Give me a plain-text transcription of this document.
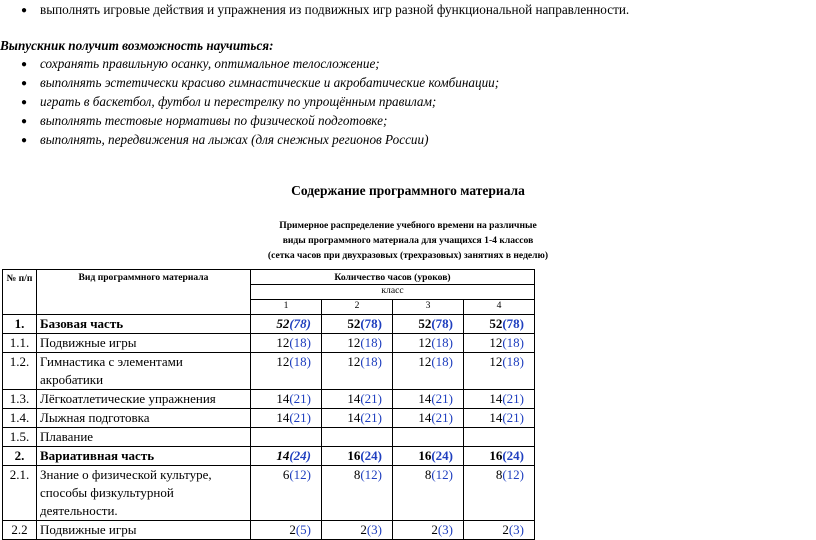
● выполнять игровые действия и упражнения из подвижных игр разной функциональной направленности.
Выпускник получит возможность научиться:
● сохранять правильную осанку, оптимальное телосложение;
● выполнять эстетически красиво гимнастические и акробатические комбинации;
● играть в баскетбол, футбол и перестрелку по упрощённым правилам;
● выполнять тестовые нормативы по физической подготовке;
● выполнять, передвижения на лыжах (для снежных регионов России)
Содержание программного материала
Примерное распределение учебного времени на различные
виды программного материала для учащихся 1-4 классов
(сетка часов при двухразовых (трехразовых) занятиях в неделю)
№ п/п	Вид программного материала	Количество часов (уроков)			
		класс			
		1	2	3	4
1.	Базовая часть	52(78)	52(78)	52(78)	52(78)
1.1.	Подвижные игры	12(18)	12(18)	12(18)	12(18)
1.2.	Гимнастика с элементами акробатики	12(18)	12(18)	12(18)	12(18)
1.3.	Лёгкоатлетические упражнения	14(21)	14(21)	14(21)	14(21)
1.4.	Лыжная подготовка	14(21)	14(21)	14(21)	14(21)
1.5.	Плавание				
2.	Вариативная часть	14(24)	16(24)	16(24)	16(24)
2.1.	Знание о физической культуре, способы физкультурной деятельности.	6(12)	8(12)	8(12)	8(12)
2.2	Подвижные игры	2(5)	2(3)	2(3)	2(3)
